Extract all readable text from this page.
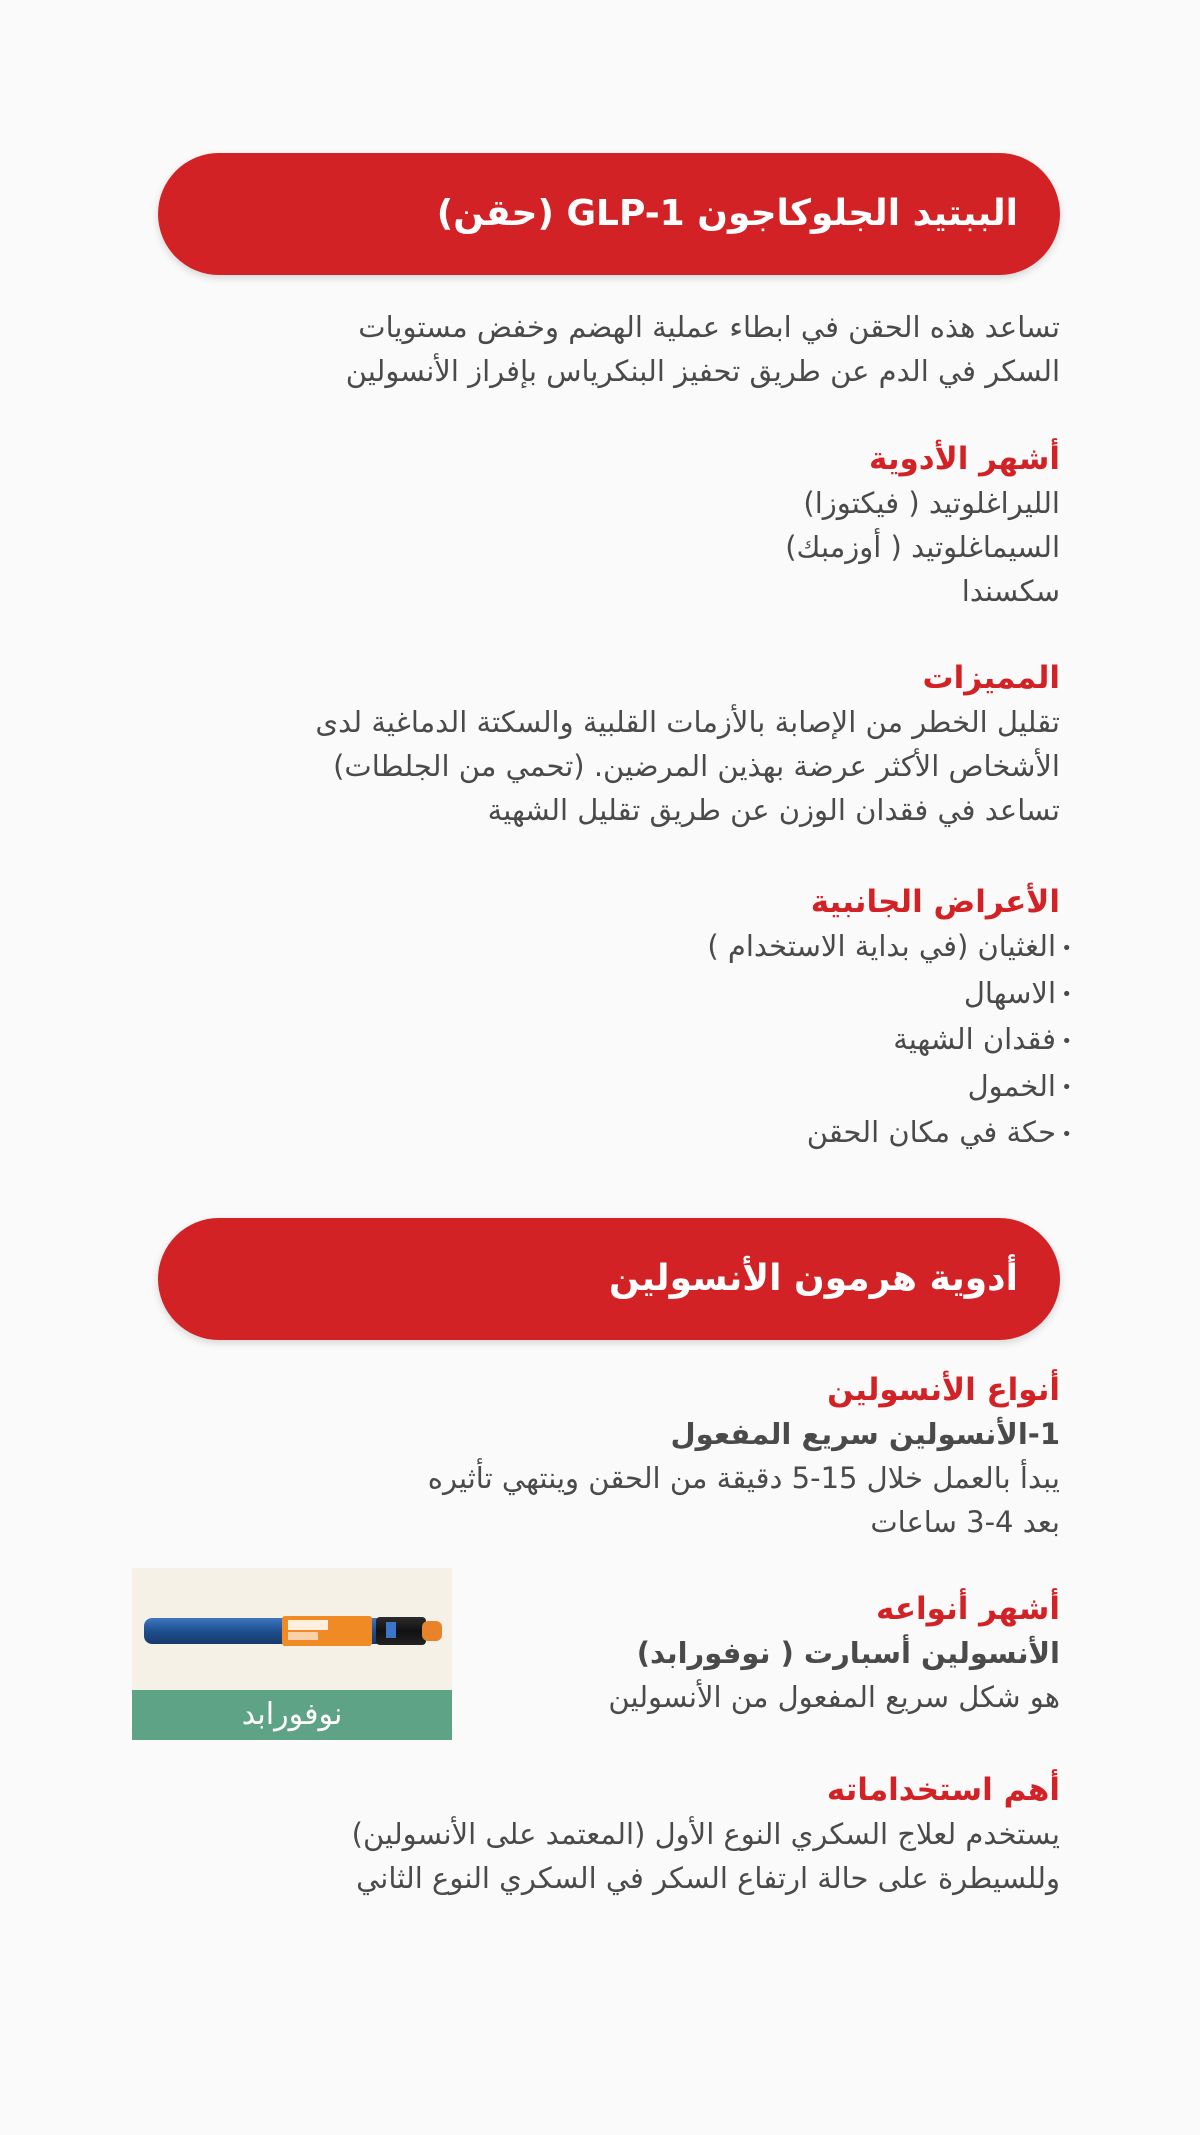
الببتيد الجلوكاجون GLP-1 (حقن)
تساعد هذه الحقن في ابطاء عملية الهضم وخفض مستويات
السكر في الدم عن طريق تحفيز البنكرياس بإفراز الأنسولين
أشهر الأدوية
الليراغلوتيد ( فيكتوزا)
السيماغلوتيد ( أوزمبك)
سكسندا
المميزات
تقليل الخطر من الإصابة بالأزمات القلبية والسكتة الدماغية لدى
الأشخاص الأكثر عرضة بهذين المرضين. (تحمي من الجلطات)
تساعد في فقدان الوزن عن طريق تقليل الشهية
الأعراض الجانبية
•الغثيان (في بداية الاستخدام )
•الاسهال
•فقدان الشهية
•الخمول
•حكة في مكان الحقن
أدوية هرمون الأنسولين
أنواع الأنسولين
1-الأنسولين سريع المفعول
يبدأ بالعمل خلال 15-5 دقيقة من الحقن وينتهي تأثيره
بعد 4-3 ساعات
أشهر أنواعه
الأنسولين أسبارت ( نوفورابد)
هو شكل سريع المفعول من الأنسولين
نوفورابد
أهم استخداماته
يستخدم لعلاج السكري النوع الأول (المعتمد على الأنسولين)
وللسيطرة على حالة ارتفاع السكر في السكري النوع الثاني
